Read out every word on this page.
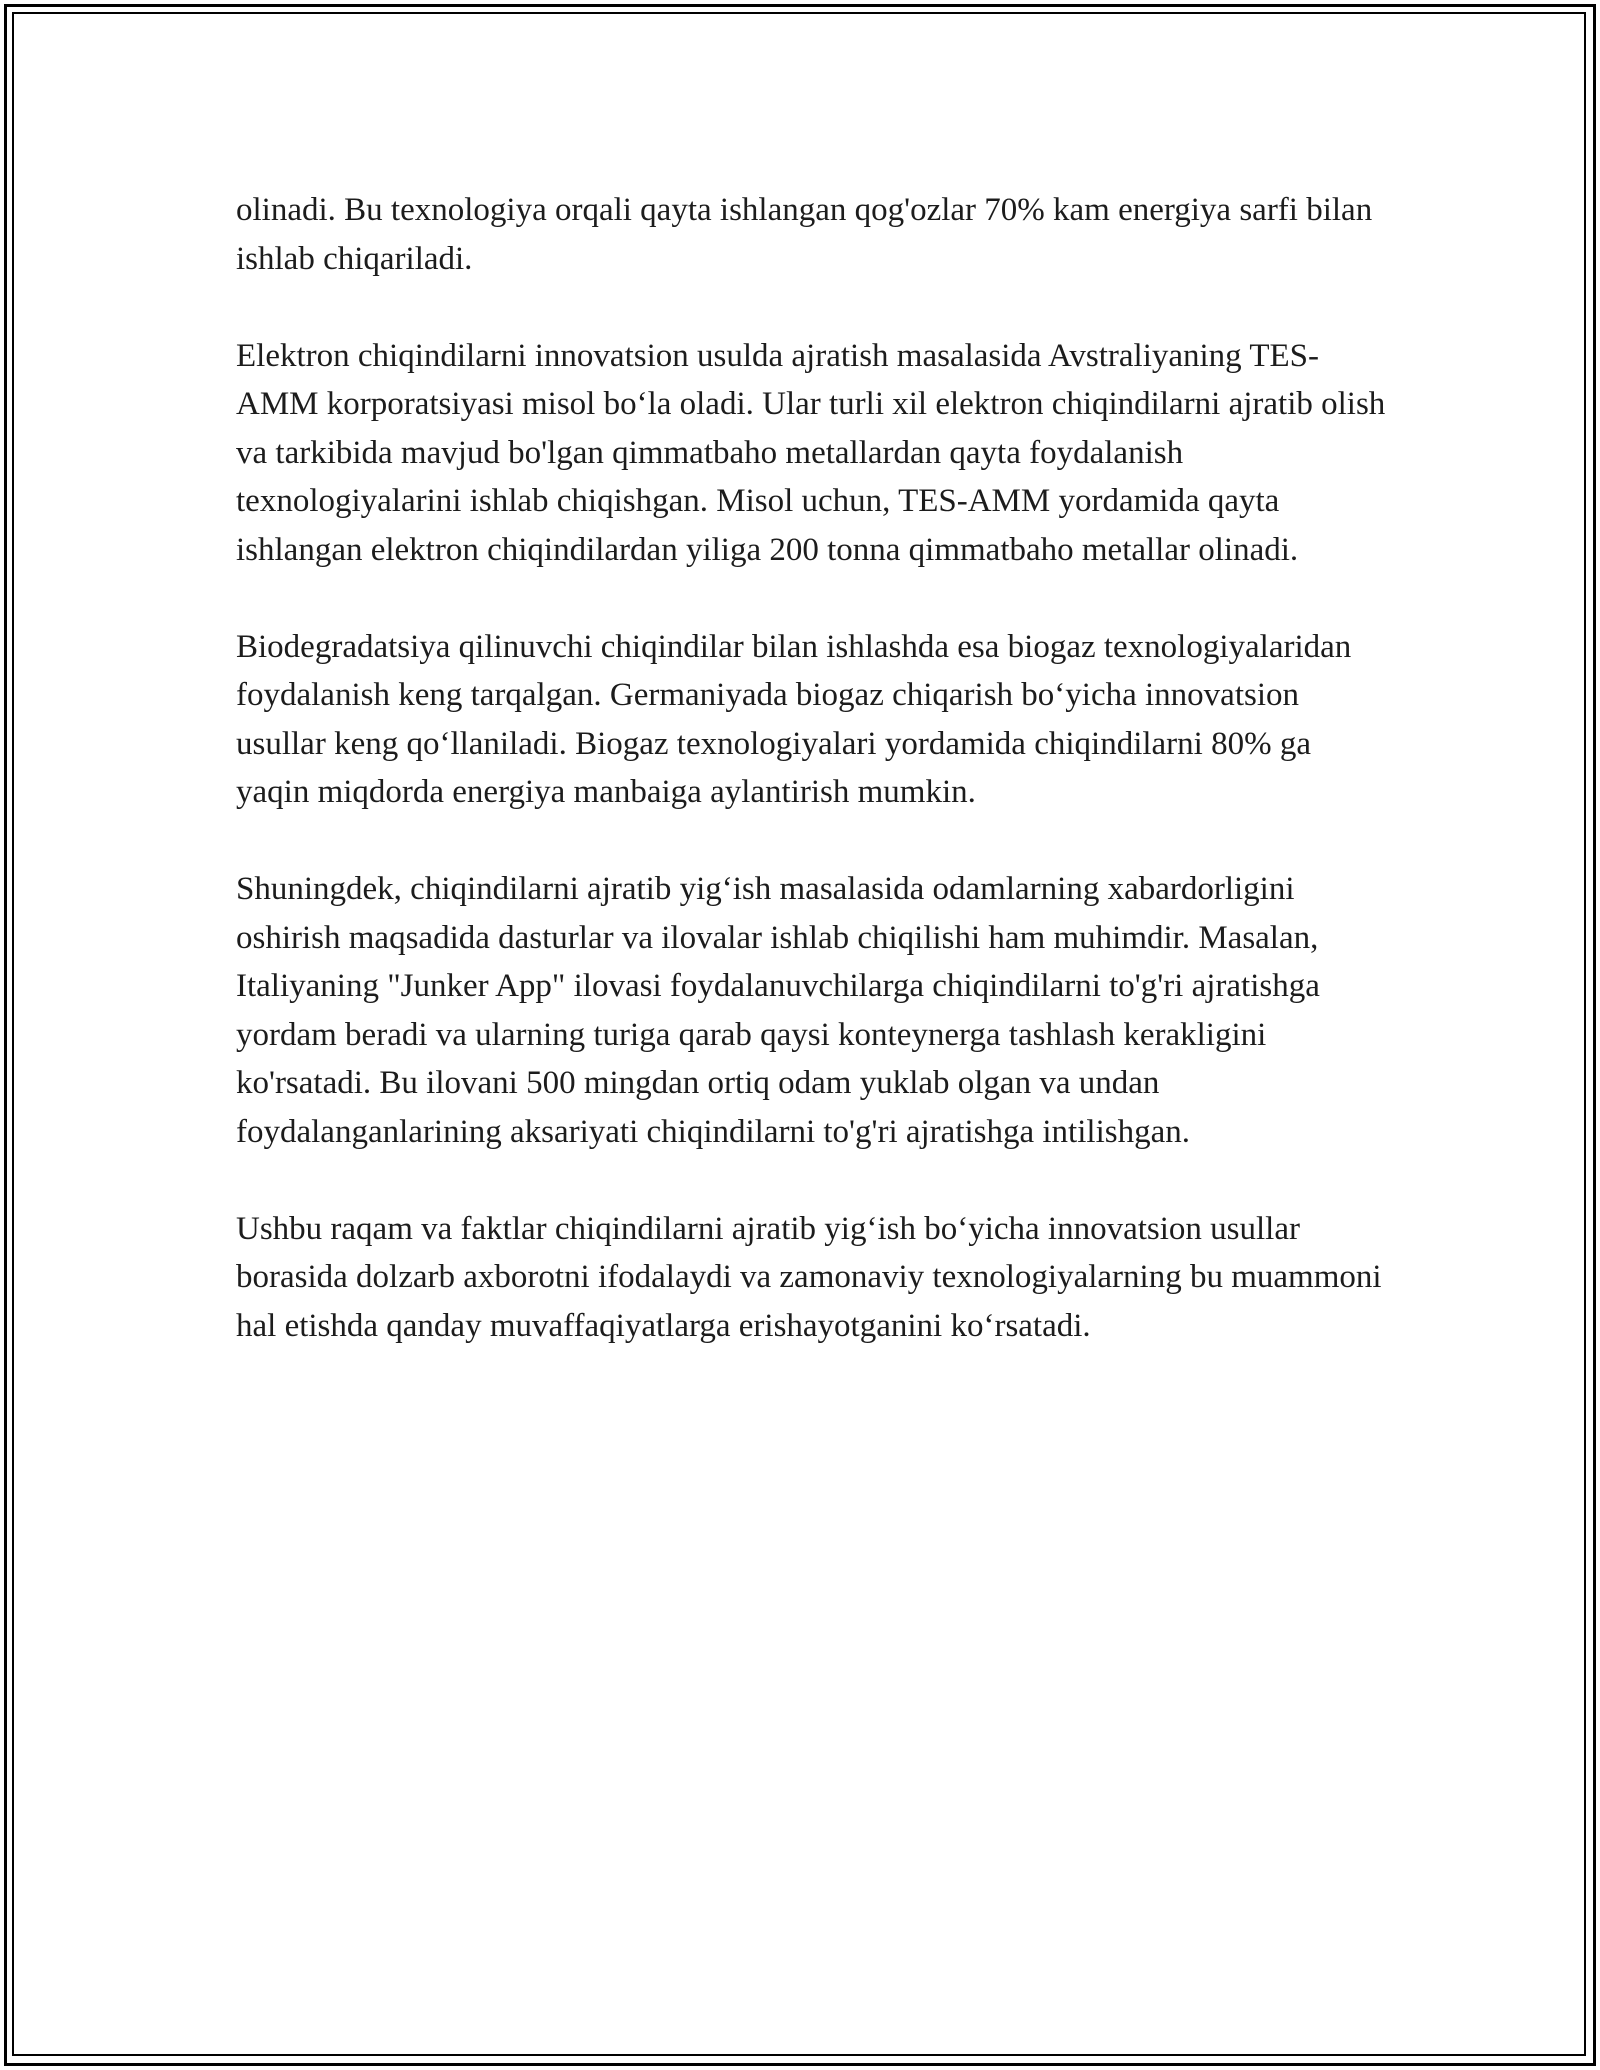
olinadi. Bu texnologiya orqali qayta ishlangan qog'ozlar 70% kam energiya sarfi bilan ishlab chiqariladi.

Elektron chiqindilarni innovatsion usulda ajratish masalasida Avstraliyaning TES-AMM korporatsiyasi misol boʻla oladi. Ular turli xil elektron chiqindilarni ajratib olish va tarkibida mavjud bo'lgan qimmatbaho metallardan qayta foydalanish texnologiyalarini ishlab chiqishgan. Misol uchun, TES-AMM yordamida qayta ishlangan elektron chiqindilardan yiliga 200 tonna qimmatbaho metallar olinadi.

Biodegradatsiya qilinuvchi chiqindilar bilan ishlashda esa biogaz texnologiyalaridan foydalanish keng tarqalgan. Germaniyada biogaz chiqarish boʻyicha innovatsion usullar keng qoʻllaniladi. Biogaz texnologiyalari yordamida chiqindilarni 80% ga yaqin miqdorda energiya manbaiga aylantirish mumkin.

Shuningdek, chiqindilarni ajratib yigʻish masalasida odamlarning xabardorligini oshirish maqsadida dasturlar va ilovalar ishlab chiqilishi ham muhimdir. Masalan, Italiyaning "Junker App" ilovasi foydalanuvchilarga chiqindilarni to'g'ri ajratishga yordam beradi va ularning turiga qarab qaysi konteynerga tashlash kerakligini ko'rsatadi. Bu ilovani 500 mingdan ortiq odam yuklab olgan va undan foydalanganlarining aksariyati chiqindilarni to'g'ri ajratishga intilishgan.

Ushbu raqam va faktlar chiqindilarni ajratib yigʻish boʻyicha innovatsion usullar borasida dolzarb axborotni ifodalaydi va zamonaviy texnologiyalarning bu muammoni hal etishda qanday muvaffaqiyatlarga erishayotganini koʻrsatadi.
